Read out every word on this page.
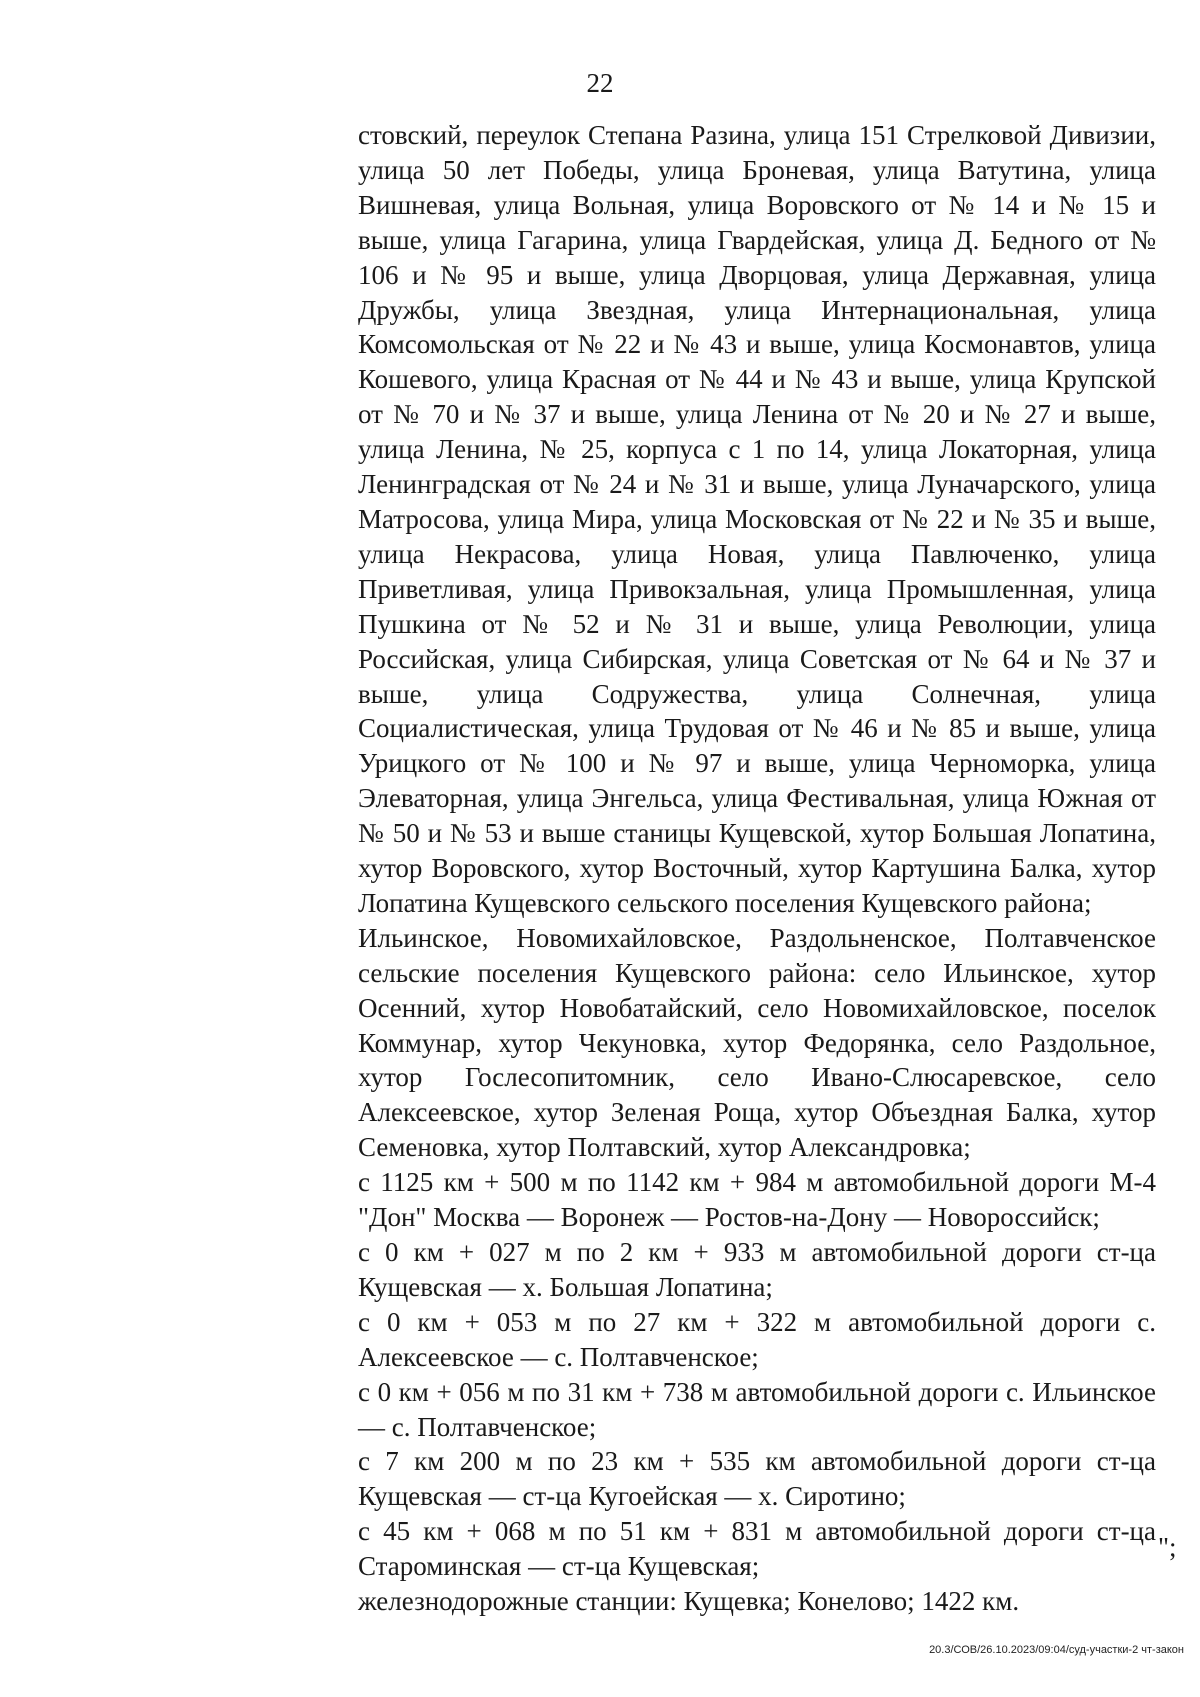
22

стовский, переулок Степана Разина, улица 151 Стрелковой Дивизии, улица 50 лет Победы, улица Броневая, улица Ватутина, улица Вишневая, улица Вольная, улица Воровского от № 14 и № 15 и выше, улица Гагарина, улица Гвардейская, улица Д. Бедного от № 106 и № 95 и выше, улица Дворцовая, улица Державная, улица Дружбы, улица Звездная, улица Интернациональная, улица Комсомольская от № 22 и № 43 и выше, улица Космонавтов, улица Кошевого, улица Красная от № 44 и № 43 и выше, улица Крупской от № 70 и № 37 и выше, улица Ленина от № 20 и № 27 и выше, улица Ленина, № 25, корпуса с 1 по 14, улица Локаторная, улица Ленинградская от № 24 и № 31 и выше, улица Луначарского, улица Матросова, улица Мира, улица Московская от № 22 и № 35 и выше, улица Некрасова, улица Новая, улица Павлюченко, улица Приветливая, улица Привокзальная, улица Промышленная, улица Пушкина от № 52 и № 31 и выше, улица Революции, улица Российская, улица Сибирская, улица Советская от № 64 и № 37 и выше, улица Содружества, улица Солнечная, улица Социалистическая, улица Трудовая от № 46 и № 85 и выше, улица Урицкого от № 100 и № 97 и выше, улица Черноморка, улица Элеваторная, улица Энгельса, улица Фестивальная, улица Южная от № 50 и № 53 и выше станицы Кущевской, хутор Большая Лопатина, хутор Воровского, хутор Восточный, хутор Картушина Балка, хутор Лопатина Кущевского сельского поселения Кущевского района;

Ильинское, Новомихайловское, Раздольненское, Полтавченское сельские поселения Кущевского района: село Ильинское, хутор Осенний, хутор Новобатайский, село Новомихайловское, поселок Коммунар, хутор Чекуновка, хутор Федорянка, село Раздольное, хутор Гослесопитомник, село Ивано-Слюсаревское, село Алексеевское, хутор Зеленая Роща, хутор Объездная Балка, хутор Семеновка, хутор Полтавский, хутор Александровка;

с 1125 км + 500 м по 1142 км + 984 м автомобильной дороги М-4 "Дон" Москва — Воронеж — Ростов-на-Дону — Новороссийск;

с 0 км + 027 м по 2 км + 933 м автомобильной дороги ст-ца Кущевская — х. Большая Лопатина;

с 0 км + 053 м по 27 км + 322 м автомобильной дороги с. Алексеевское — с. Полтавченское;

с 0 км + 056 м по 31 км + 738 м автомобильной дороги с. Ильинское — с. Полтавченское;

с 7 км 200 м по 23 км + 535 км автомобильной дороги ст-ца Кущевская — ст-ца Кугоейская — х. Сиротино;

с 45 км + 068 м по 51 км + 831 м автомобильной дороги ст-ца Староминская — ст-ца Кущевская;

железнодорожные станции: Кущевка; Конелово; 1422 км.

";
20.3/СОВ/26.10.2023/09:04/суд-участки-2 чт-закон
